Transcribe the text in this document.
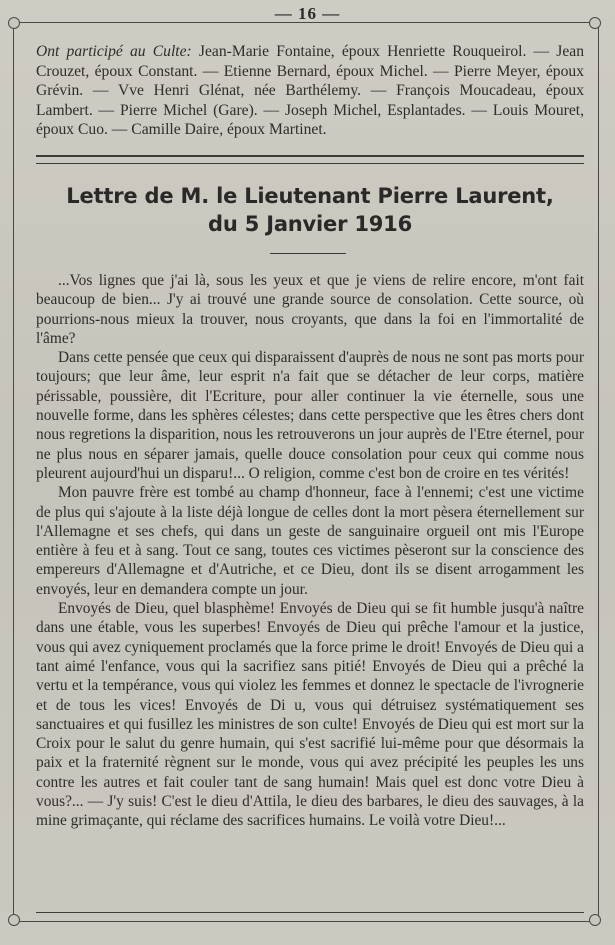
— 16 —
Ont participé au Culte: Jean-Marie Fontaine, époux Henriette Rouqueirol. — Jean Crouzet, époux Constant. — Etienne Bernard, époux Michel. — Pierre Meyer, époux Grévin. — Vve Henri Glénat, née Barthélemy. — François Moucadeau, époux Lambert. — Pierre Michel (Gare). — Joseph Michel, Esplantades. — Louis Mouret, époux Cuo. — Camille Daire, époux Martinet.
Lettre de M. le Lieutenant Pierre Laurent,
du 5 Janvier 1916

...Vos lignes que j'ai là, sous les yeux et que je viens de relire encore, m'ont fait beaucoup de bien... J'y ai trouvé une grande source de consolation. Cette source, où pourrions-nous mieux la trouver, nous croyants, que dans la foi en l'immortalité de l'âme?

Dans cette pensée que ceux qui disparaissent d'auprès de nous ne sont pas morts pour toujours; que leur âme, leur esprit n'a fait que se détacher de leur corps, matière périssable, poussière, dit l'Ecriture, pour aller continuer la vie éternelle, sous une nouvelle forme, dans les sphères célestes; dans cette perspective que les êtres chers dont nous regretions la disparition, nous les retrouverons un jour auprès de l'Etre éternel, pour ne plus nous en séparer jamais, quelle douce consolation pour ceux qui comme nous pleurent aujourd'hui un disparu!... O religion, comme c'est bon de croire en tes vérités!

Mon pauvre frère est tombé au champ d'honneur, face à l'ennemi; c'est une victime de plus qui s'ajoute à la liste déjà longue de celles dont la mort pèsera éternellement sur l'Allemagne et ses chefs, qui dans un geste de sanguinaire orgueil ont mis l'Europe entière à feu et à sang. Tout ce sang, toutes ces victimes pèseront sur la conscience des empereurs d'Allemagne et d'Autriche, et ce Dieu, dont ils se disent arrogamment les envoyés, leur en demandera compte un jour.

Envoyés de Dieu, quel blasphème! Envoyés de Dieu qui se fit humble jusqu'à naître dans une étable, vous les superbes! Envoyés de Dieu qui prêche l'amour et la justice, vous qui avez cyniquement proclamés que la force prime le droit! Envoyés de Dieu qui a tant aimé l'enfance, vous qui la sacrifiez sans pitié! Envoyés de Dieu qui a prêché la vertu et la tempérance, vous qui violez les femmes et donnez le spectacle de l'ivrognerie et de tous les vices! Envoyés de Di u, vous qui détruisez systématiquement ses sanctuaires et qui fusillez les ministres de son culte! Envoyés de Dieu qui est mort sur la Croix pour le salut du genre humain, qui s'est sacrifié lui-même pour que désormais la paix et la fraternité règnent sur le monde, vous qui avez précipité les peuples les uns contre les autres et fait couler tant de sang humain! Mais quel est donc votre Dieu à vous?... — J'y suis! C'est le dieu d'Attila, le dieu des barbares, le dieu des sauvages, à la mine grimaçante, qui réclame des sacrifices humains. Le voilà votre Dieu!...
